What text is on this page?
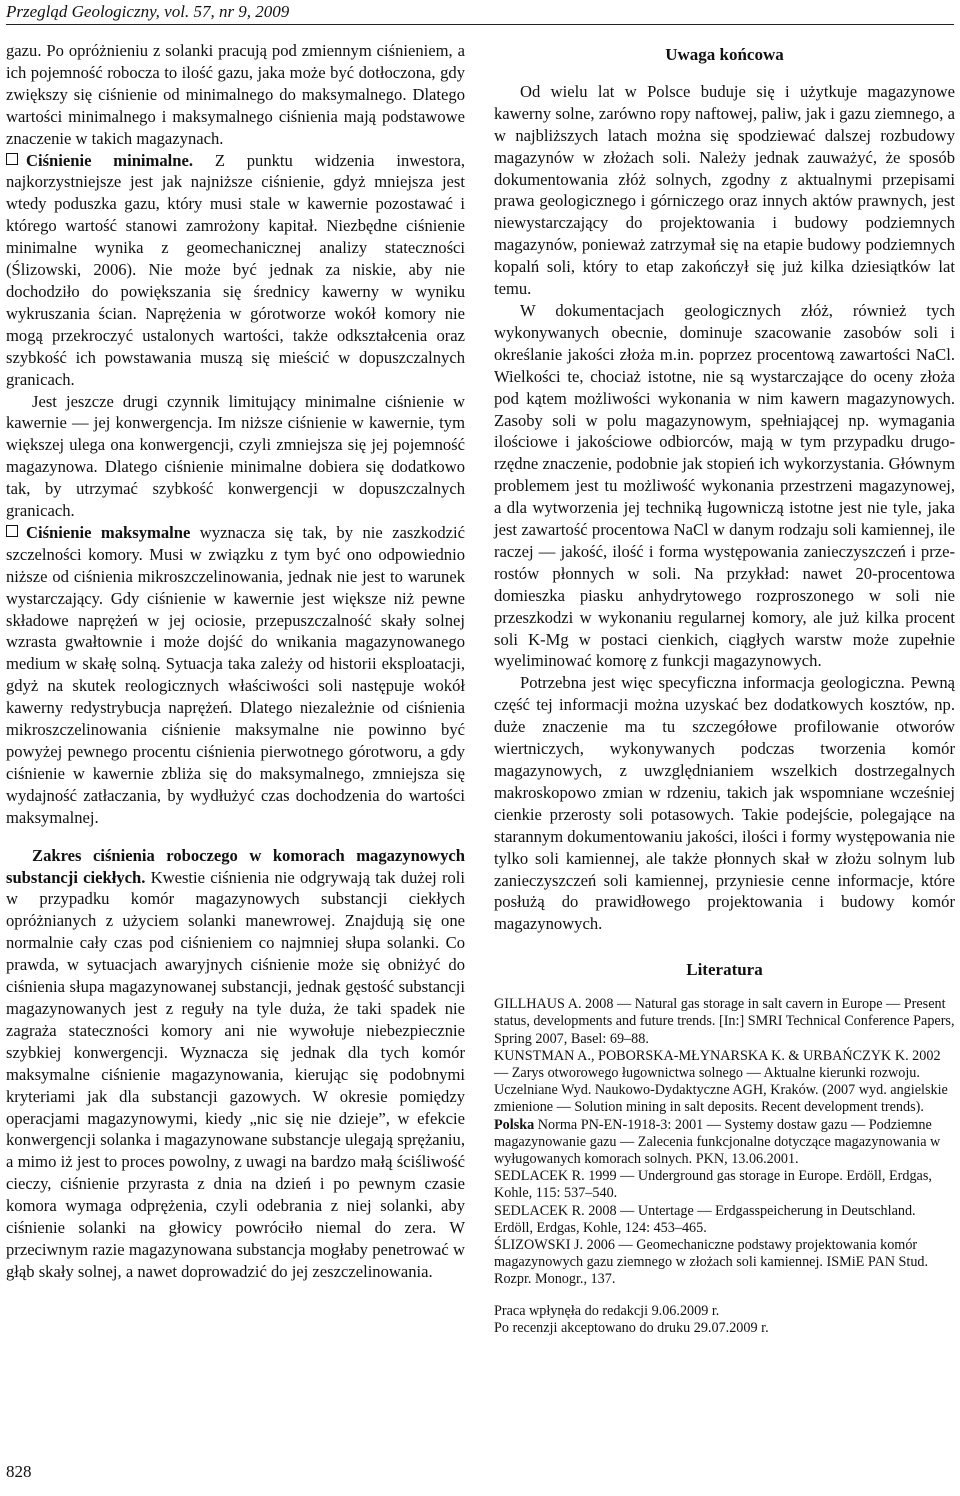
Przegląd Geologiczny, vol. 57, nr 9, 2009

gazu. Po opróżnieniu z solanki pracują pod zmiennym ciśnieniem, a ich pojemność robocza to ilość gazu, jaka może być dotłoczona, gdy zwiększy się ciśnienie od minimalnego do maksymalnego. Dlatego wartości minimalnego i maksymalnego ciśnienia mają podstawowe znaczenie w takich magazynach.

Ciśnienie minimalne. Z punktu widzenia inwestora, najkorzystniejsze jest jak najniższe ciśnienie, gdyż mniejsza jest wtedy poduszka gazu, który musi stale w kawernie pozostawać i którego wartość stanowi zamrożony kapitał. Niezbędne ciśnienie minimalne wynika z geomechanicznej analizy stateczności (Ślizowski, 2006). Nie może być jednak za niskie, aby nie dochodziło do powiększania się średnicy kawerny w wyniku wykruszania ścian. Naprężenia w górotworze wokół komory nie mogą przekroczyć ustalonych wartości, także odkształcenia oraz szybkość ich powstawania muszą się mieścić w dopuszczalnych granicach.

Jest jeszcze drugi czynnik limitujący minimalne ciśnienie w kawernie — jej konwergencja. Im niższe ciśnienie w kawernie, tym większej ulega ona konwergencji, czyli zmniejsza się jej pojemność magazynowa. Dlatego ciśnienie minimalne dobiera się dodatkowo tak, by utrzymać szybkość konwergencji w dopuszczalnych granicach.

Ciśnienie maksymalne wyznacza się tak, by nie zaszkodzić szczelności komory. Musi w związku z tym być ono odpowiednio niższe od ciśnienia mikroszczelinowania, jednak nie jest to warunek wystarczający. Gdy ciśnienie w kawernie jest większe niż pewne składowe naprężeń w jej ociosie, przepuszczalność skały solnej wzrasta gwałtownie i może dojść do wnikania magazynowanego medium w skałę solną. Sytuacja taka zależy od historii eksploatacji, gdyż na skutek reologicznych właściwości soli następuje wokół kawerny redystrybucja naprężeń. Dlatego niezależnie od ciśnienia mikroszczelinowania ciśnienie maksymalne nie powinno być powyżej pewnego procentu ciśnienia pierwotnego górotworu, a gdy ciśnienie w kawernie zbliża się do maksymalnego, zmniejsza się wydajność zatłaczania, by wydłużyć czas dochodzenia do wartości maksymalnej.

Zakres ciśnienia roboczego w komorach magazynowych substancji ciekłych. Kwestie ciśnienia nie odgrywają tak dużej roli w przypadku komór magazynowych substancji ciekłych opróżnianych z użyciem solanki manewrowej. Znajdują się one normalnie cały czas pod ciśnieniem co najmniej słupa solanki. Co prawda, w sytuacjach awaryjnych ciśnienie może się obniżyć do ciśnienia słupa magazynowanej substancji, jednak gęstość substancji magazynowanych jest z reguły na tyle duża, że taki spadek nie zagraża stateczności komory ani nie wywołuje niebezpiecznie szybkiej konwergencji. Wyznacza się jednak dla tych komór maksymalne ciśnienie magazynowania, kierując się podobnymi kryteriami jak dla substancji gazowych. W okresie pomiędzy operacjami magazynowymi, kiedy „nic się nie dzieje”, w efekcie konwergencji solanka i magazynowane substancje ulegają sprężaniu, a mimo iż jest to proces powolny, z uwagi na bardzo małą ściśliwość cieczy, ciśnienie przyrasta z dnia na dzień i po pewnym czasie komora wymaga odprężenia, czyli odebrania z niej solanki, aby ciśnienie solanki na głowicy powróciło niemal do zera. W przeciwnym razie magazynowana substancja mogłaby penetrować w głąb skały solnej, a nawet doprowadzić do jej zeszczelinowania.

Uwaga końcowa

Od wielu lat w Polsce buduje się i użytkuje magazynowe kawerny solne, zarówno ropy naftowej, paliw, jak i gazu ziemnego, a w najbliższych latach można się spodziewać dalszej rozbudowy magazynów w złożach soli. Należy jednak zauważyć, że sposób dokumentowania złóż solnych, zgodny z aktualnymi przepisami prawa geologicznego i górniczego oraz innych aktów prawnych, jest niewystarczający do projektowania i budowy podziemnych magazynów, ponieważ zatrzymał się na etapie budowy podziemnych kopalń soli, który to etap zakończył się już kilka dziesiątków lat temu.

W dokumentacjach geologicznych złóż, również tych wykonywanych obecnie, dominuje szacowanie zasobów soli i określanie jakości złoża m.in. poprzez procentową zawartości NaCl. Wielkości te, chociaż istotne, nie są wystarczające do oceny złoża pod kątem możliwości wykonania w nim kawern magazynowych. Zasoby soli w polu magazynowym, spełniającej np. wymagania ilościowe i jakościowe odbiorców, mają w tym przypadku drugorzędne znaczenie, podobnie jak stopień ich wykorzystania. Głównym problemem jest tu możliwość wykonania przestrzeni magazynowej, a dla wytworzenia jej techniką ługowniczą istotne jest nie tyle, jaka jest zawartość procentowa NaCl w danym rodzaju soli kamiennej, ile raczej — jakość, ilość i forma występowania zanieczyszczeń i przerostów płonnych w soli. Na przykład: nawet 20-procentowa domieszka piasku anhydrytowego rozproszonego w soli nie przeszkodzi w wykonaniu regularnej komory, ale już kilka procent soli K-Mg w postaci cienkich, ciągłych warstw może zupełnie wyeliminować komorę z funkcji magazynowych.

Potrzebna jest więc specyficzna informacja geologiczna. Pewną część tej informacji można uzyskać bez dodatkowych kosztów, np. duże znaczenie ma tu szczegółowe profilowanie otworów wiertniczych, wykonywanych podczas tworzenia komór magazynowych, z uwzględnianiem wszelkich dostrzegalnych makroskopowo zmian w rdzeniu, takich jak wspomniane wcześniej cienkie przerosty soli potasowych. Takie podejście, polegające na starannym dokumentowaniu jakości, ilości i formy występowania nie tylko soli kamiennej, ale także płonnych skał w złożu solnym lub zanieczyszczeń soli kamiennej, przyniesie cenne informacje, które posłużą do prawidłowego projektowania i budowy komór magazynowych.

Literatura

GILLHAUS A. 2008 — Natural gas storage in salt cavern in Europe — Present status, developments and future trends. [In:] SMRI Technical Conference Papers, Spring 2007, Basel: 69–88.

KUNSTMAN A., POBORSKA-MŁYNARSKA K. & URBAŃCZYK K. 2002 — Zarys otworowego ługownictwa solnego — Aktualne kierunki rozwoju. Uczelniane Wyd. Naukowo-Dydaktyczne AGH, Kraków. (2007 wyd. angielskie zmienione — Solution mining in salt deposits. Recent development trends).

Polska Norma PN-EN-1918-3: 2001 — Systemy dostaw gazu — Podziemne magazynowanie gazu — Zalecenia funkcjonalne dotyczące magazynowania w wyługowanych komorach solnych. PKN, 13.06.2001.

SEDLACEK R. 1999 — Underground gas storage in Europe. Erdöll, Erdgas, Kohle, 115: 537–540.

SEDLACEK R. 2008 — Untertage — Erdgasspeicherung in Deutschland. Erdöll, Erdgas, Kohle, 124: 453–465.

ŚLIZOWSKI J. 2006 — Geomechaniczne podstawy projektowania komór magazynowych gazu ziemnego w złożach soli kamiennej. ISMiE PAN Stud. Rozpr. Monogr., 137.

Praca wpłynęła do redakcji 9.06.2009 r.

Po recenzji akceptowano do druku 29.07.2009 r.

828
